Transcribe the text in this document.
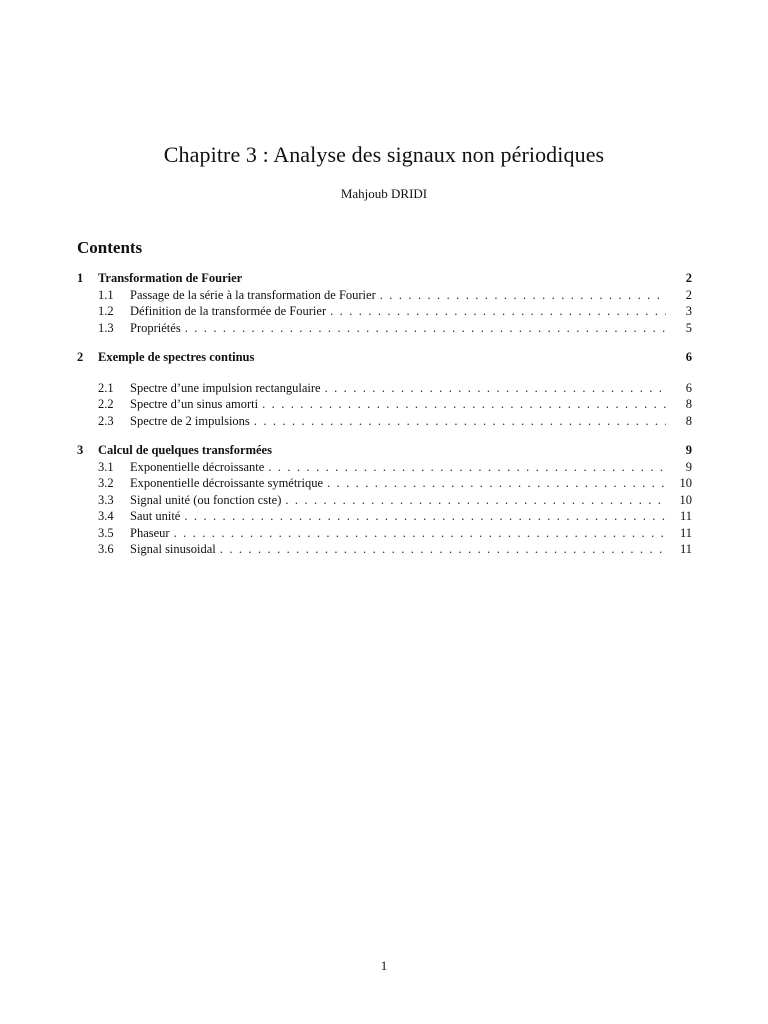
Chapitre 3 : Analyse des signaux non périodiques
Mahjoub DRIDI
Contents
1	Transformation de Fourier	2
1.1	Passage de la série à la transformation de Fourier . . .	2
1.2	Définition de la transformée de Fourier . . .	3
1.3	Propriétés . . .	5
2	Exemple de spectres continus	6
2.1	Spectre d’une impulsion rectangulaire . . .	6
2.2	Spectre d’un sinus amorti . . .	8
2.3	Spectre de 2 impulsions . . .	8
3	Calcul de quelques transformées	9
3.1	Exponentielle décroissante . . .	9
3.2	Exponentielle décroissante symétrique . . .	10
3.3	Signal unité (ou fonction cste) . . .	10
3.4	Saut unité . . .	11
3.5	Phaseur . . .	11
3.6	Signal sinusoidal . . .	11
1
